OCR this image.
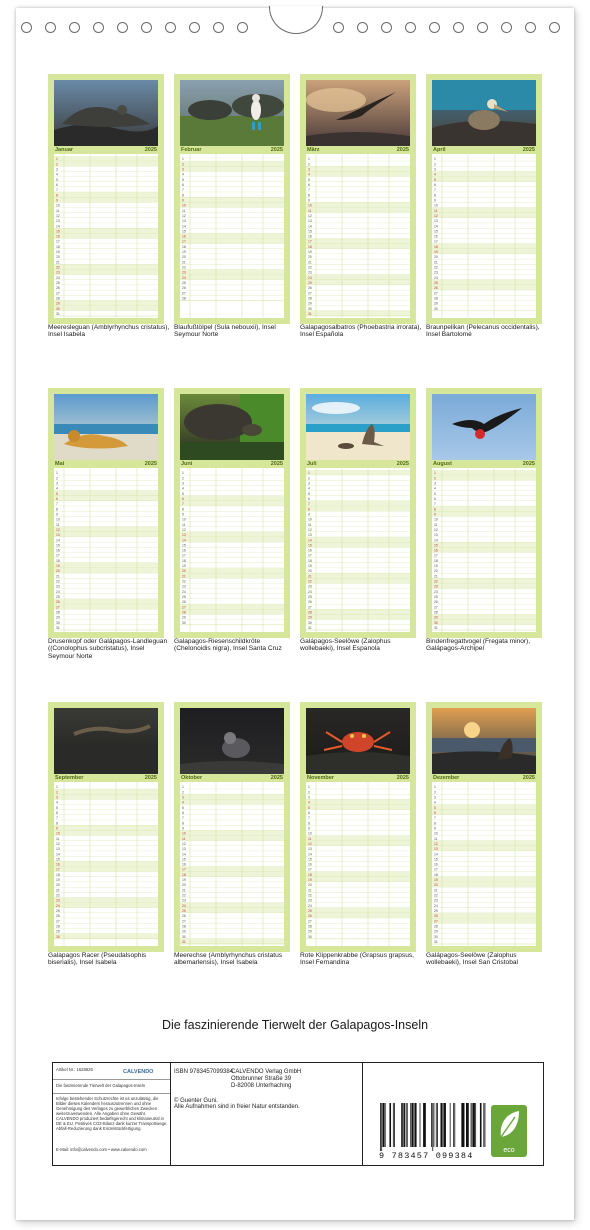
Januar	2025
1
2
3
4
5
6
7
8
9
10
11
12
13
14
15
16
17
18
19
20
21
22
23
24
25
26
27
28
29
30
31
Meeresleguan (Amblyrhynchus cristatus), Insel Isabela
Februar	2025
1
2
3
4
5
6
7
8
9
10
11
12
13
14
15
16
17
18
19
20
21
22
23
24
25
26
27
28
Blaufußtölpel (Sula nebouxii), Insel Seymour Norte
März	2025
1
2
3
4
5
6
7
8
9
10
11
12
13
14
15
16
17
18
19
20
21
22
23
24
25
26
27
28
29
30
31
Galapagosalbatros (Phoebastria irrorata), Insel Española
April	2025
1
2
3
4
5
6
7
8
9
10
11
12
13
14
15
16
17
18
19
20
21
22
23
24
25
26
27
28
29
30
Braunpelikan (Pelecanus occidentalis), Insel Bartolomé
Mai	2025
1
2
3
4
5
6
7
8
9
10
11
12
13
14
15
16
17
18
19
20
21
22
23
24
25
26
27
28
29
30
31
Drusenkopf oder Galápagos-Landleguan ((Conolophus subcristatus), Insel Seymour Norte
Juni	2025
1
2
3
4
5
6
7
8
9
10
11
12
13
14
15
16
17
18
19
20
21
22
23
24
25
26
27
28
29
30
Galapagos-Riesenschildkröte (Chelonoidis nigra), Insel Santa Cruz
Juli	2025
1
2
3
4
5
6
7
8
9
10
11
12
13
14
15
16
17
18
19
20
21
22
23
24
25
26
27
28
29
30
31
Galápagos-Seelöwe (Zalophus wollebaeki), Insel Espanola
August	2025
1
2
3
4
5
6
7
8
9
10
11
12
13
14
15
16
17
18
19
20
21
22
23
24
25
26
27
28
29
30
31
Bindenfregattvogel (Fregata minor), Galápagos-Archipel
September	2025
1
2
3
4
5
6
7
8
9
10
11
12
13
14
15
16
17
18
19
20
21
22
23
24
25
26
27
28
29
30
Galapagos Racer (Pseudalsophis biserialis), Insel Isabela
Oktober	2025
1
2
3
4
5
6
7
8
9
10
11
12
13
14
15
16
17
18
19
20
21
22
23
24
25
26
27
28
29
30
31
Meerechse (Amblyrhynchus cristatus albemarlensis), Insel Isabela
November	2025
1
2
3
4
5
6
7
8
9
10
11
12
13
14
15
16
17
18
19
20
21
22
23
24
25
26
27
28
29
30
Rote Klippenkrabbe (Grapsus grapsus, Insel Fernandina
Dezember	2025
1
2
3
4
5
6
7
8
9
10
11
12
13
14
15
16
17
18
19
20
21
22
23
24
25
26
27
28
29
30
31
Galápagos-Seelöwe (Zalophus wollebaeki), Insel San Cristobal
Die faszinierende Tierwelt der Galapagos-Inseln
Artikel Nr.: 1628826	CALVENDO
Die faszinierende Tierwelt der Galapagos-Inseln
Infolge bestehender Schutzrechte ist es unzulässig, die Bilder dieses Kalenders herauszutrennen und ohne Genehmigung des Verlages zu gewerblichen Zwecken weiterzuverwenden. Alle Angaben ohne Gewähr. CALVENDO produziert bedarfsgerecht und klimaneutral in DE & EU. Positives CO2-Bilanz dank kurzer Transportwege. Abfall-Reduzierung dank Einzelstückfertigung.
E-Mail: info@calvendo.com • www.calvendo.com
ISBN 9783457099384
CALVENDO Verlag GmbH
Ottobrunner Straße 39
D-82008 Unterhaching
© Guenter Guni.
Alle Aufnahmen sind in freier Natur entstanden.
9 783457 099384
eco
